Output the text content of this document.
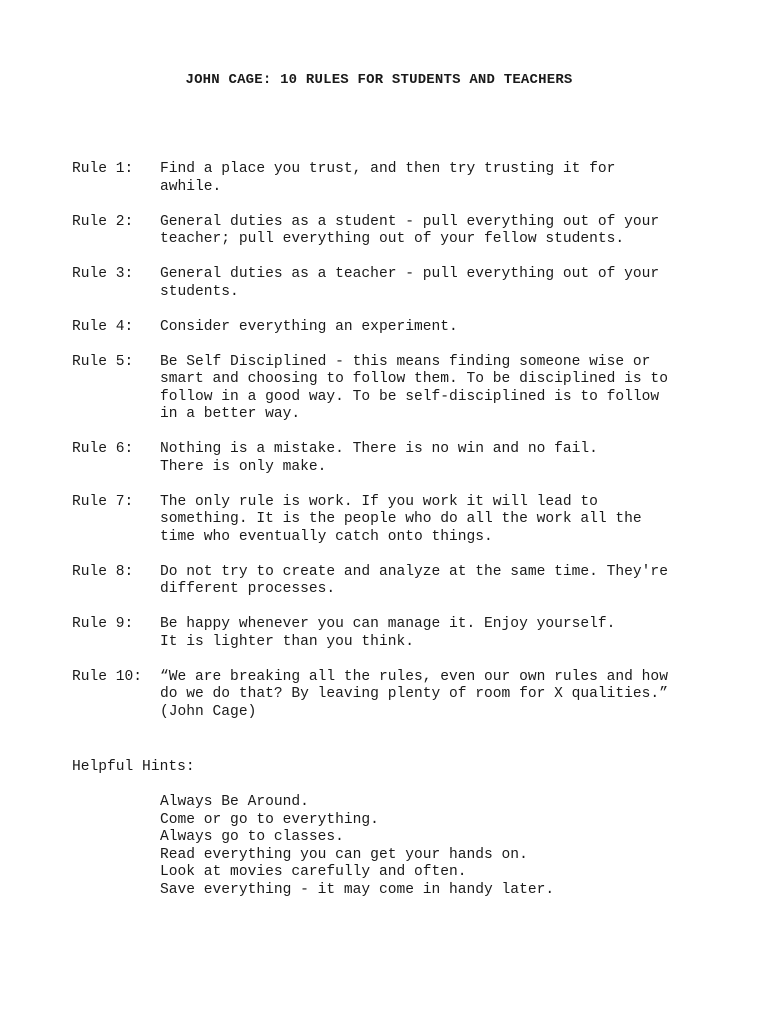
JOHN CAGE: 10 RULES FOR STUDENTS AND TEACHERS
Rule 1:	Find a place you trust, and then try trusting it for
awhile.
Rule 2:	General duties as a student - pull everything out of your
teacher; pull everything out of your fellow students.
Rule 3:	General duties as a teacher - pull everything out of your
students.
Rule 4:	Consider everything an experiment.
Rule 5:	Be Self Disciplined - this means finding someone wise or
smart and choosing to follow them. To be disciplined is to
follow in a good way. To be self-disciplined is to follow
in a better way.
Rule 6:	Nothing is a mistake. There is no win and no fail.
There is only make.
Rule 7:	The only rule is work. If you work it will lead to
something. It is the people who do all the work all the
time who eventually catch onto things.
Rule 8:	Do not try to create and analyze at the same time. They're
different processes.
Rule 9:	Be happy whenever you can manage it. Enjoy yourself.
It is lighter than you think.
Rule 10:	“We are breaking all the rules, even our own rules and how
do we do that? By leaving plenty of room for X qualities.”
(John Cage)
Helpful Hints:
Always Be Around.
Come or go to everything.
Always go to classes.
Read everything you can get your hands on.
Look at movies carefully and often.
Save everything - it may come in handy later.
